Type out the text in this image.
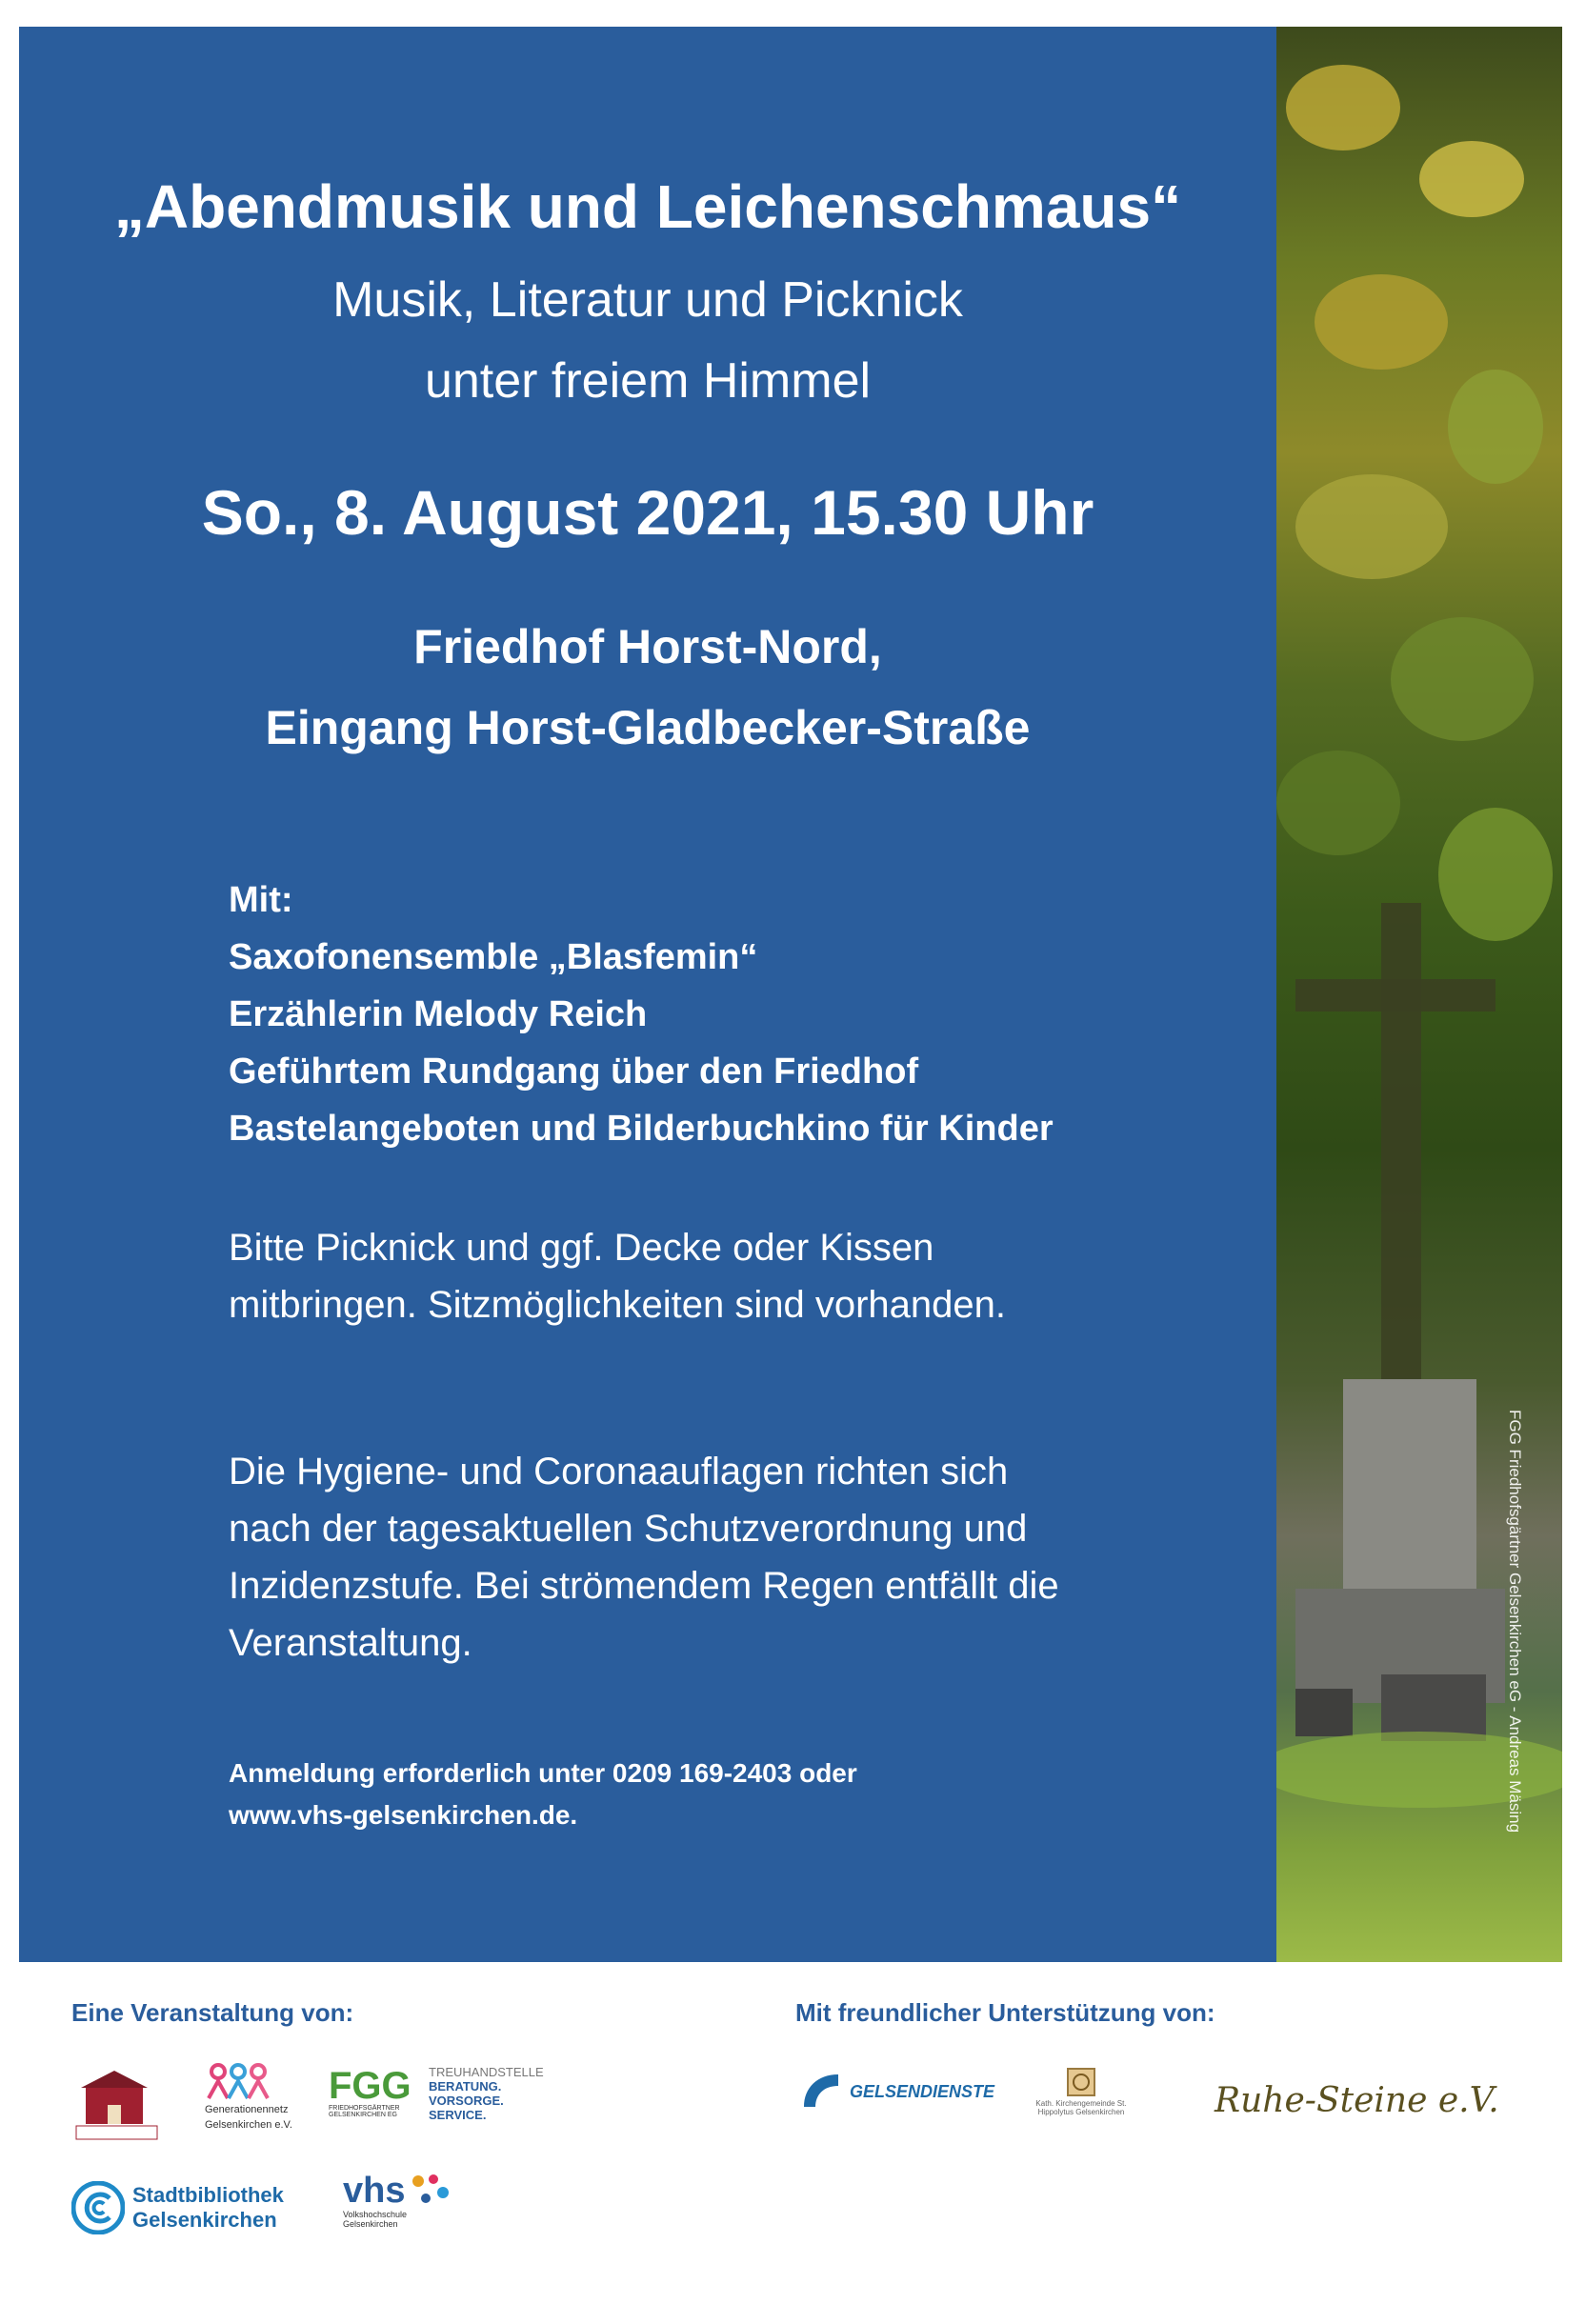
FGG Friedhofsgärtner Gelsenkirchen eG - Andreas Mäsing

„Abendmusik und Leichenschmaus“

Musik, Literatur und Picknick

unter freiem Himmel

So., 8. August 2021, 15.30 Uhr

Friedhof Horst-Nord,

Eingang Horst-Gladbecker-Straße

Mit:

Saxofonensemble „Blasfemin“

Erzählerin Melody Reich

Geführtem Rundgang über den Friedhof

Bastelangeboten und Bilderbuchkino für Kinder

Bitte Picknick und ggf. Decke oder Kissen

mitbringen. Sitzmöglichkeiten sind vorhanden.

Die Hygiene- und Coronaauflagen richten sich

nach der tagesaktuellen Schutzverordnung und

Inzidenzstufe. Bei strömendem Regen entfällt die

Veranstaltung.

Anmeldung erforderlich unter 0209 169-2403 oder

www.vhs-gelsenkirchen.de.

Eine Veranstaltung von:	Mit freundlicher Unterstützung von:
Generationennetz Gelsenkirchen e.V.
FGG
FRIEDHOFSGÄRTNER GELSENKIRCHEN EG
TREUHANDSTELLE
BERATUNG.
VORSORGE.
SERVICE.
Stadtbibliothek
Gelsenkirchen
vhs
Volkshochschule Gelsenkirchen
GELSENDIENSTE
Kath. Kirchengemeinde St. Hippolytus Gelsenkirchen	Ruhe-Steine e.V.
